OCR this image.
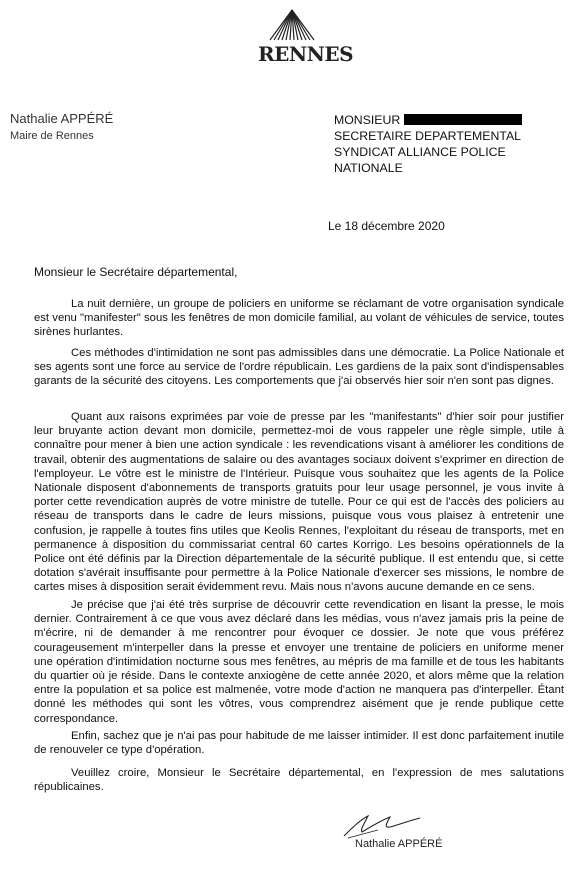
RENNES
Nathalie APPÉRÉ
Maire de Rennes
MONSIEUR
SECRETAIRE DEPARTEMENTAL
SYNDICAT ALLIANCE POLICE NATIONALE
Le 18 décembre 2020
Monsieur le Secrétaire départemental,

La nuit dernière, un groupe de policiers en uniforme se réclamant de votre organisation syndicale est venu "manifester" sous les fenêtres de mon domicile familial, au volant de véhicules de service, toutes sirènes hurlantes.

Ces méthodes d'intimidation ne sont pas admissibles dans une démocratie. La Police Nationale et ses agents sont une force au service de l'ordre républicain. Les gardiens de la paix sont d'indispensables garants de la sécurité des citoyens. Les comportements que j'ai observés hier soir n'en sont pas dignes.

Quant aux raisons exprimées par voie de presse par les "manifestants" d'hier soir pour justifier leur bruyante action devant mon domicile, permettez-moi de vous rappeler une règle simple, utile à connaître pour mener à bien une action syndicale : les revendications visant à améliorer les conditions de travail, obtenir des augmentations de salaire ou des avantages sociaux doivent s'exprimer en direction de l'employeur. Le vôtre est le ministre de l'Intérieur. Puisque vous souhaitez que les agents de la Police Nationale disposent d'abonnements de transports gratuits pour leur usage personnel, je vous invite à porter cette revendication auprès de votre ministre de tutelle. Pour ce qui est de l'accès des policiers au réseau de transports dans le cadre de leurs missions, puisque vous vous plaisez à entretenir une confusion, je rappelle à toutes fins utiles que Keolis Rennes, l'exploitant du réseau de transports, met en permanence à disposition du commissariat central 60 cartes Korrigo. Les besoins opérationnels de la Police ont été définis par la Direction départementale de la sécurité publique. Il est entendu que, si cette dotation s'avérait insuffisante pour permettre à la Police Nationale d'exercer ses missions, le nombre de cartes mises à disposition serait évidemment revu. Mais nous n'avons aucune demande en ce sens.

Je précise que j'ai été très surprise de découvrir cette revendication en lisant la presse, le mois dernier. Contrairement à ce que vous avez déclaré dans les médias, vous n'avez jamais pris la peine de m'écrire, ni de demander à me rencontrer pour évoquer ce dossier. Je note que vous préférez courageusement m'interpeller dans la presse et envoyer une trentaine de policiers en uniforme mener une opération d'intimidation nocturne sous mes fenêtres, au mépris de ma famille et de tous les habitants du quartier où je réside. Dans le contexte anxiogène de cette année 2020, et alors même que la relation entre la population et sa police est malmenée, votre mode d'action ne manquera pas d'interpeller. Étant donné les méthodes qui sont les vôtres, vous comprendrez aisément que je rende publique cette correspondance.

Enfin, sachez que je n'ai pas pour habitude de me laisser intimider. Il est donc parfaitement inutile de renouveler ce type d'opération.

Veuillez croire, Monsieur le Secrétaire départemental, en l'expression de mes salutations républicaines.

Nathalie APPÉRÉ
